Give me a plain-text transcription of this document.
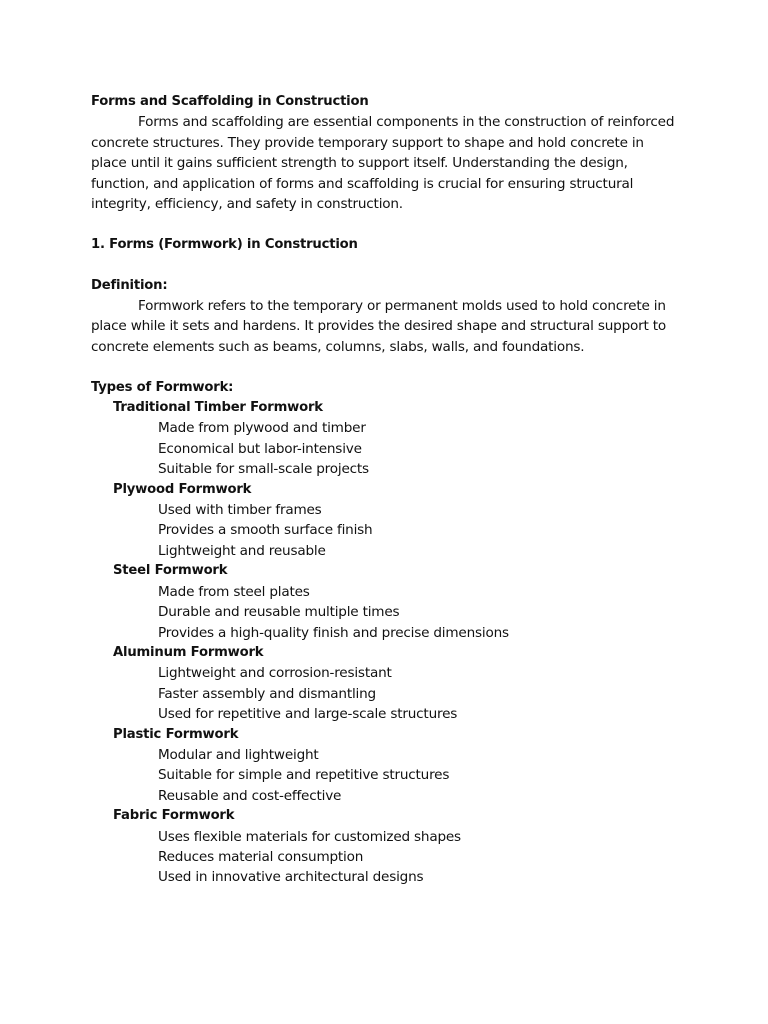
Forms and Scaffolding in Construction

Forms and scaffolding are essential components in the construction of reinforced concrete structures. They provide temporary support to shape and hold concrete in place until it gains sufficient strength to support itself. Understanding the design, function, and application of forms and scaffolding is crucial for ensuring structural integrity, efficiency, and safety in construction.

1. Forms (Formwork) in Construction

Definition:

Formwork refers to the temporary or permanent molds used to hold concrete in place while it sets and hardens. It provides the desired shape and structural support to concrete elements such as beams, columns, slabs, walls, and foundations.

Types of Formwork:

Traditional Timber Formwork

Made from plywood and timber
Economical but labor-intensive
Suitable for small-scale projects

Plywood Formwork

Used with timber frames
Provides a smooth surface finish
Lightweight and reusable

Steel Formwork

Made from steel plates
Durable and reusable multiple times
Provides a high-quality finish and precise dimensions

Aluminum Formwork

Lightweight and corrosion-resistant
Faster assembly and dismantling
Used for repetitive and large-scale structures

Plastic Formwork

Modular and lightweight
Suitable for simple and repetitive structures
Reusable and cost-effective

Fabric Formwork

Uses flexible materials for customized shapes
Reduces material consumption
Used in innovative architectural designs
